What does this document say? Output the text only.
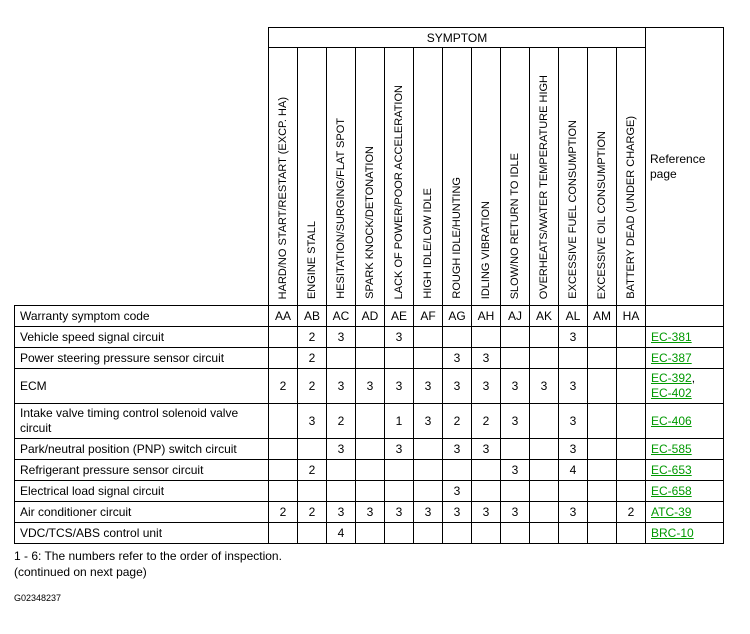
	SYMPTOM													Reference page
	HARD/NO START/RESTART (EXCP. HA)	ENGINE STALL	HESITATION/SURGING/FLAT SPOT	SPARK KNOCK/DETONATION	LACK OF POWER/POOR ACCELERATION	HIGH IDLE/LOW IDLE	ROUGH IDLE/HUNTING	IDLING VIBRATION	SLOW/NO RETURN TO IDLE	OVERHEATS/WATER TEMPERATURE HIGH	EXCESSIVE FUEL CONSUMPTION	EXCESSIVE OIL CONSUMPTION	BATTERY DEAD (UNDER CHARGE)	
Warranty symptom code	AA	AB	AC	AD	AE	AF	AG	AH	AJ	AK	AL	AM	HA	
Vehicle speed signal circuit		2	3		3						3			EC-381
Power steering pressure sensor circuit		2					3	3						EC-387
ECM	2	2	3	3	3	3	3	3	3	3	3			EC-392,
EC-402
Intake valve timing control solenoid valve circuit		3	2		1	3	2	2	3		3			EC-406
Park/neutral position (PNP) switch circuit			3		3		3	3			3			EC-585
Refrigerant pressure sensor circuit		2							3		4			EC-653
Electrical load signal circuit							3							EC-658
Air conditioner circuit	2	2	3	3	3	3	3	3	3		3		2	ATC-39
VDC/TCS/ABS control unit			4											BRC-10
1 - 6: The numbers refer to the order of inspection.
(continued on next page)
G02348237
